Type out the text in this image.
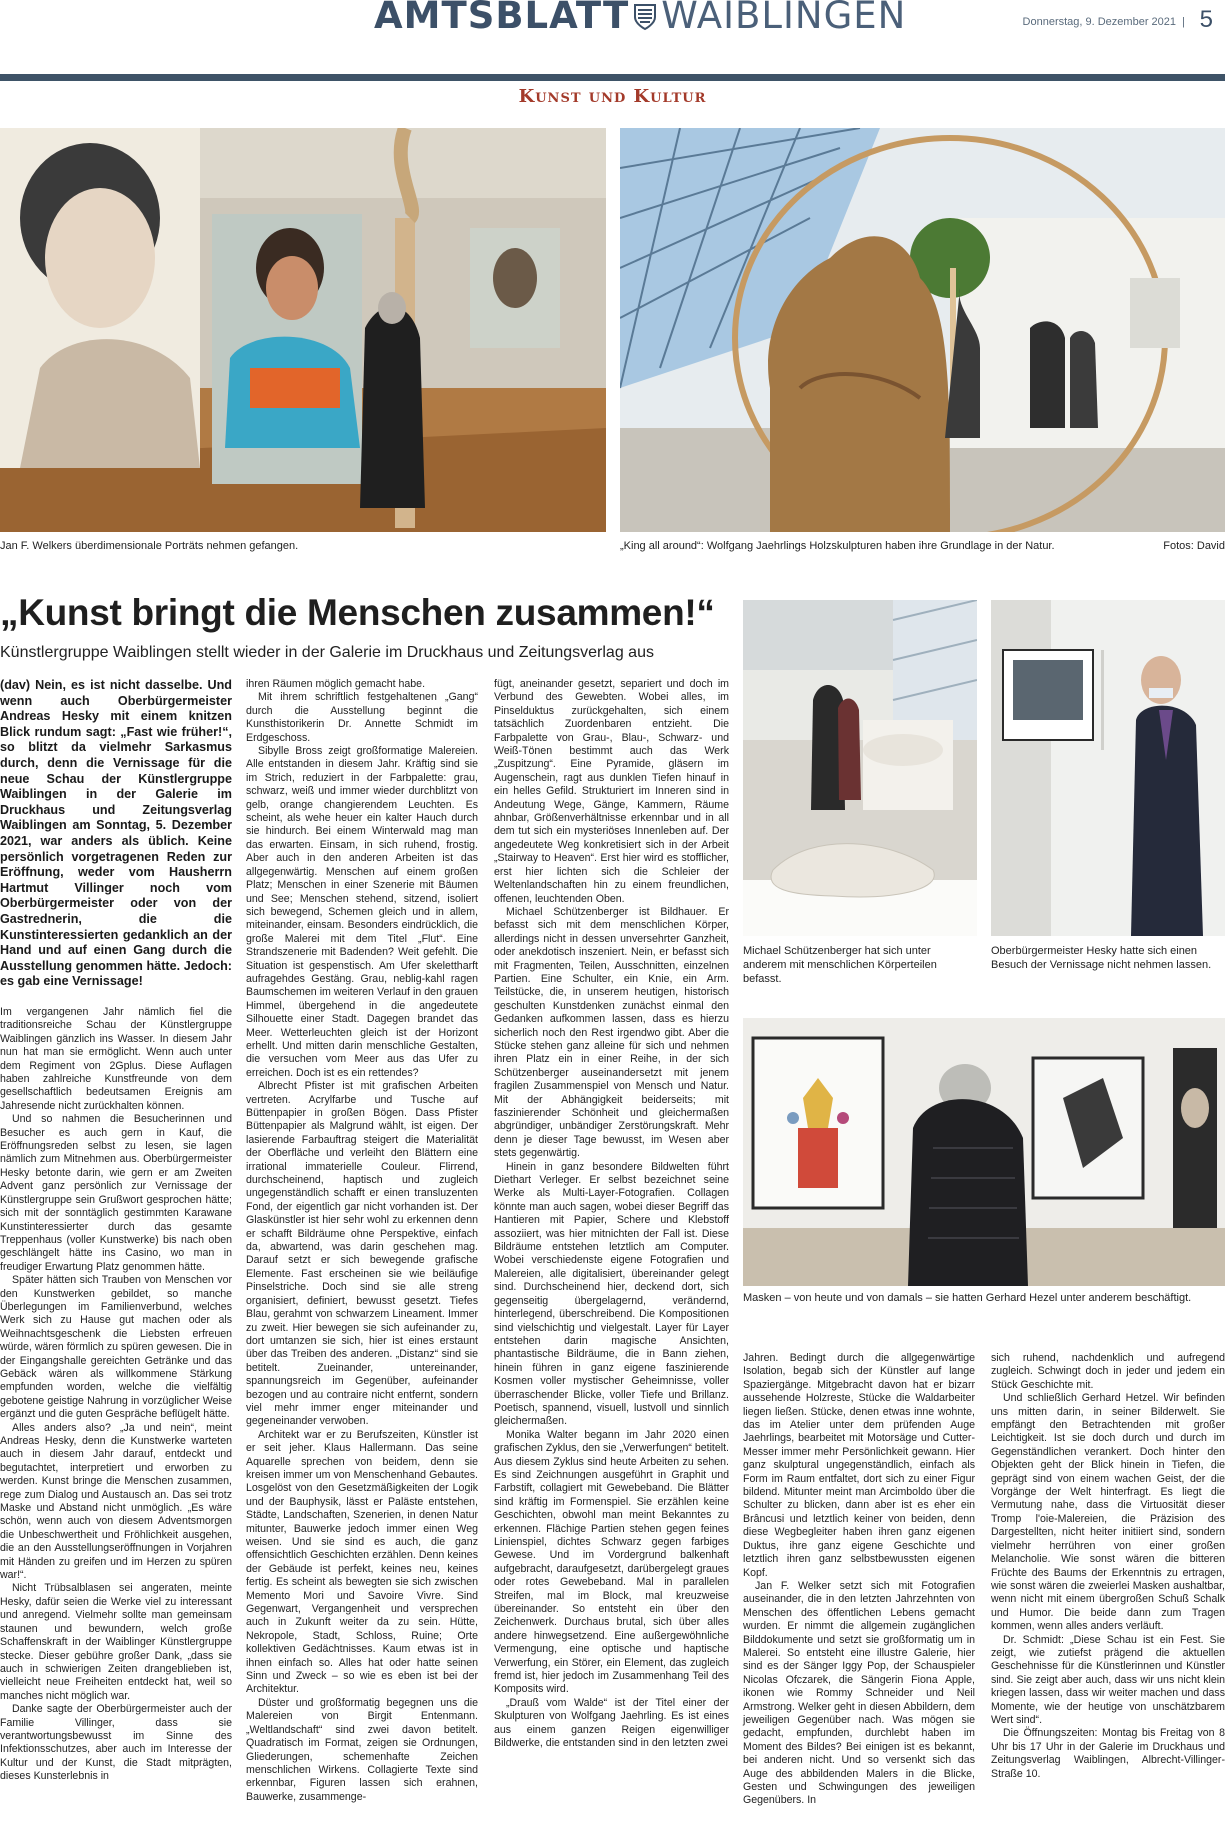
AMTSBLATT WAIBLINGEN	Donnerstag, 9. Dezember 2021  | 5
Kunst und Kultur
Jan F. Welkers überdimensionale Porträts nehmen gefangen.	„King all around“: Wolfgang Jaehrlings Holzskulpturen haben ihre Grundlage in der Natur.	Fotos: David
„Kunst bringt die Menschen zusammen!“
Künstlergruppe Waiblingen stellt wieder in der Galerie im Druckhaus und Zeitungsverlag aus

(dav) Nein, es ist nicht dasselbe. Und wenn auch Oberbürgermeister Andreas Hesky mit einem knitzen Blick rundum sagt: „Fast wie früher!“, so blitzt da vielmehr Sarkasmus durch, denn die Vernissage für die neue Schau der Künstlergruppe Waiblingen in der Galerie im Druckhaus und Zeitungsverlag Waiblingen am Sonntag, 5. Dezember 2021, war anders als üblich. Keine persönlich vorgetragenen Reden zur Eröffnung, weder vom Hausherrn Hartmut Villinger noch vom Oberbürgermeister oder von der Gastrednerin, die die Kunstinteressierten gedanklich an der Hand und auf einen Gang durch die Ausstellung genommen hätte. Jedoch: es gab eine Vernissage!

Im vergangenen Jahr nämlich fiel die traditionsreiche Schau der Künstlergruppe Waiblingen gänzlich ins Wasser. In diesem Jahr nun hat man sie ermöglicht. Wenn auch unter dem Regiment von 2Gplus. Diese Auflagen haben zahlreiche Kunstfreunde von dem gesellschaftlich bedeutsamen Ereignis am Jahresende nicht zurückhalten können.

Und so nahmen die Besucherinnen und Besucher es auch gern in Kauf, die Eröffnungsreden selbst zu lesen, sie lagen nämlich zum Mitnehmen aus. Oberbürgermeister Hesky betonte darin, wie gern er am Zweiten Advent ganz persönlich zur Vernissage der Künstlergruppe sein Grußwort gesprochen hätte; sich mit der sonntäglich gestimmten Karawane Kunstinteressierter durch das gesamte Treppenhaus (voller Kunstwerke) bis nach oben geschlängelt hätte ins Casino, wo man in freudiger Erwartung Platz genommen hätte.

Später hätten sich Trauben von Menschen vor den Kunstwerken gebildet, so manche Überlegungen im Familienverbund, welches Werk sich zu Hause gut machen oder als Weihnachtsgeschenk die Liebsten erfreuen würde, wären förmlich zu spüren gewesen. Die in der Eingangshalle gereichten Getränke und das Gebäck wären als willkommene Stärkung empfunden worden, welche die vielfältig gebotene geistige Nahrung in vorzüglicher Weise ergänzt und die guten Gespräche beflügelt hätte.

Alles anders also? „Ja und nein“, meint Andreas Hesky, denn die Kunstwerke warteten auch in diesem Jahr darauf, entdeckt und begutachtet, interpretiert und erworben zu werden. Kunst bringe die Menschen zusammen, rege zum Dialog und Austausch an. Das sei trotz Maske und Abstand nicht unmöglich. „Es wäre schön, wenn auch von diesem Adventsmorgen die Unbeschwertheit und Fröhlichkeit ausgehen, die an den Ausstellungseröffnungen in Vorjahren mit Händen zu greifen und im Herzen zu spüren war!“.

Nicht Trübsalblasen sei angeraten, meinte Hesky, dafür seien die Werke viel zu interessant und anregend. Vielmehr sollte man gemeinsam staunen und bewundern, welch große Schaffenskraft in der Waiblinger Künstlergruppe stecke. Dieser gebühre großer Dank, „dass sie auch in schwierigen Zeiten drangeblieben ist, vielleicht neue Freiheiten entdeckt hat, weil so manches nicht möglich war.

Danke sagte der Oberbürgermeister auch der Familie Villinger, dass sie verantwortungsbewusst im Sinne des Infektionsschutzes, aber auch im Interesse der Kultur und der Kunst, die Stadt mitprägten, dieses Kunsterlebnis in

ihren Räumen möglich gemacht habe.

Mit ihrem schriftlich festgehaltenen „Gang“ durch die Ausstellung beginnt die Kunsthistorikerin Dr. Annette Schmidt im Erdgeschoss.

Sibylle Bross zeigt großformatige Malereien. Alle entstanden in diesem Jahr. Kräftig sind sie im Strich, reduziert in der Farbpalette: grau, schwarz, weiß und immer wieder durchblitzt von gelb, orange changierendem Leuchten. Es scheint, als wehe heuer ein kalter Hauch durch sie hindurch. Bei einem Winterwald mag man das erwarten. Einsam, in sich ruhend, frostig. Aber auch in den anderen Arbeiten ist das allgegenwärtig. Menschen auf einem großen Platz; Menschen in einer Szenerie mit Bäumen und See; Menschen stehend, sitzend, isoliert sich bewegend, Schemen gleich und in allem, miteinander, einsam. Besonders eindrücklich, die große Malerei mit dem Titel „Flut“. Eine Strandszenerie mit Badenden? Weit gefehlt. Die Situation ist gespenstisch. Am Ufer skelettharft aufragehdes Gestäng. Grau, neblig-kahl ragen Baumschemen im weiteren Verlauf in den grauen Himmel, übergehend in die angedeutete Silhouette einer Stadt. Dagegen brandet das Meer. Wetterleuchten gleich ist der Horizont erhellt. Und mitten darin menschliche Gestalten, die versuchen vom Meer aus das Ufer zu erreichen. Doch ist es ein rettendes?

Albrecht Pfister ist mit grafischen Arbeiten vertreten. Acrylfarbe und Tusche auf Büttenpapier in großen Bögen. Dass Pfister Büttenpapier als Malgrund wählt, ist eigen. Der lasierende Farbauftrag steigert die Materialität der Oberfläche und verleiht den Blättern eine irrational immaterielle Couleur. Flirrend, durchscheinend, haptisch und zugleich ungegenständlich schafft er einen transluzenten Fond, der eigentlich gar nicht vorhanden ist. Der Glaskünstler ist hier sehr wohl zu erkennen denn er schafft Bildräume ohne Perspektive, einfach da, abwartend, was darin geschehen mag. Darauf setzt er sich bewegende grafische Elemente. Fast erscheinen sie wie beiläufige Pinselstriche. Doch sind sie alle streng organisiert, definiert, bewusst gesetzt. Tiefes Blau, gerahmt von schwarzem Lineament. Immer zu zweit. Hier bewegen sie sich aufeinander zu, dort umtanzen sie sich, hier ist eines erstaunt über das Treiben des anderen. „Distanz“ sind sie betitelt. Zueinander, untereinander, spannungsreich im Gegenüber, aufeinander bezogen und au contraire nicht entfernt, sondern viel mehr immer enger miteinander und gegeneinander verwoben.

Architekt war er zu Berufszeiten, Künstler ist er seit jeher. Klaus Hallermann. Das seine Aquarelle sprechen von beidem, denn sie kreisen immer um von Menschenhand Gebautes. Losgelöst von den Gesetzmäßigkeiten der Logik und der Bauphysik, lässt er Paläste entstehen, Städte, Landschaften, Szenerien, in denen Natur mitunter, Bauwerke jedoch immer einen Weg weisen. Und sie sind es auch, die ganz offensichtlich Geschichten erzählen. Denn keines der Gebäude ist perfekt, keines neu, keines fertig. Es scheint als bewegten sie sich zwischen Memento Mori und Savoire Vivre. Sind Gegenwart, Vergangenheit und versprechen auch in Zukunft weiter da zu sein. Hütte, Nekropole, Stadt, Schloss, Ruine; Orte kollektiven Gedächtnisses. Kaum etwas ist in ihnen einfach so. Alles hat oder hatte seinen Sinn und Zweck – so wie es eben ist bei der Architektur.

Düster und großformatig begegnen uns die Malereien von Birgit Entenmann. „Weltlandschaft“ sind zwei davon betitelt. Quadratisch im Format, zeigen sie Ordnungen, Gliederungen, schemenhafte Zeichen menschlichen Wirkens. Collagierte Texte sind erkennbar, Figuren lassen sich erahnen, Bauwerke, zusammenge-

fügt, aneinander gesetzt, separiert und doch im Verbund des Gewebten. Wobei alles, im Pinselduktus zurückgehalten, sich einem tatsächlich Zuordenbaren entzieht. Die Farbpalette von Grau-, Blau-, Schwarz- und Weiß-Tönen bestimmt auch das Werk „Zuspitzung“. Eine Pyramide, gläsern im Augenschein, ragt aus dunklen Tiefen hinauf in ein helles Gefild. Strukturiert im Inneren sind in Andeutung Wege, Gänge, Kammern, Räume ahnbar, Größenverhältnisse erkennbar und in all dem tut sich ein mysteriöses Innenleben auf. Der angedeutete Weg konkretisiert sich in der Arbeit „Stairway to Heaven“. Erst hier wird es stofflicher, erst hier lichten sich die Schleier der Weltenlandschaften hin zu einem freundlichen, offenen, leuchtenden Oben.

Michael Schützenberger ist Bildhauer. Er befasst sich mit dem menschlichen Körper, allerdings nicht in dessen unversehrter Ganzheit, oder anekdotisch inszeniert. Nein, er befasst sich mit Fragmenten, Teilen, Ausschnitten, einzelnen Partien. Eine Schulter, ein Knie, ein Arm. Teilstücke, die, in unserem heutigen, historisch geschulten Kunstdenken zunächst einmal den Gedanken aufkommen lassen, dass es hierzu sicherlich noch den Rest irgendwo gibt. Aber die Stücke stehen ganz alleine für sich und nehmen ihren Platz ein in einer Reihe, in der sich Schützenberger auseinandersetzt mit jenem fragilen Zusammenspiel von Mensch und Natur. Mit der Abhängigkeit beiderseits; mit faszinierender Schönheit und gleichermaßen abgründiger, unbändiger Zerstörungskraft. Mehr denn je dieser Tage bewusst, im Wesen aber stets gegenwärtig.

Hinein in ganz besondere Bildwelten führt Diethart Verleger. Er selbst bezeichnet seine Werke als Multi-Layer-Fotografien. Collagen könnte man auch sagen, wobei dieser Begriff das Hantieren mit Papier, Schere und Klebstoff assoziiert, was hier mitnichten der Fall ist. Diese Bildräume entstehen letztlich am Computer. Wobei verschiedenste eigene Fotografien und Malereien, alle digitalisiert, übereinander gelegt sind. Durchscheinend hier, deckend dort, sich gegenseitig übergelagernd, verändernd, hinterlegend, überschreibend. Die Kompositionen sind vielschichtig und vielgestalt. Layer für Layer entstehen darin magische Ansichten, phantastische Bildräume, die in Bann ziehen, hinein führen in ganz eigene faszinierende Kosmen voller mystischer Geheimnisse, voller überraschender Blicke, voller Tiefe und Brillanz. Poetisch, spannend, visuell, lustvoll und sinnlich gleichermaßen.

Monika Walter begann im Jahr 2020 einen grafischen Zyklus, den sie „Verwerfungen“ betitelt. Aus diesem Zyklus sind heute Arbeiten zu sehen. Es sind Zeichnungen ausgeführt in Graphit und Farbstift, collagiert mit Gewebeband. Die Blätter sind kräftig im Formenspiel. Sie erzählen keine Geschichten, obwohl man meint Bekanntes zu erkennen. Flächige Partien stehen gegen feines Linienspiel, dichtes Schwarz gegen farbiges Gewese. Und im Vordergrund balkenhaft aufgebracht, daraufgesetzt, darübergelegt graues oder rotes Gewebeband. Mal in parallelen Streifen, mal im Block, mal kreuzweise übereinander. So entsteht ein über den Zeichenwerk. Durchaus brutal, sich über alles andere hinwegsetzend. Eine außergewöhnliche Vermengung, eine optische und haptische Verwerfung, ein Störer, ein Element, das zugleich fremd ist, hier jedoch im Zusammenhang Teil des Komposits wird.

„Drauß vom Walde“ ist der Titel einer der Skulpturen von Wolfgang Jaehrling. Es ist eines aus einem ganzen Reigen eigenwilliger Bildwerke, die entstanden sind in den letzten zwei

Michael Schützenberger hat sich unter anderem mit menschlichen Körperteilen befasst.
Oberbürgermeister Hesky hatte sich einen Besuch der Vernissage nicht nehmen lassen.
Masken – von heute und von damals – sie hatten Gerhard Hezel unter anderem beschäftigt.

Jahren. Bedingt durch die allgegenwärtige Isolation, begab sich der Künstler auf lange Spaziergänge. Mitgebracht davon hat er bizarr aussehende Holzreste, Stücke die Waldarbeiter liegen ließen. Stücke, denen etwas inne wohnte, das im Atelier unter dem prüfenden Auge Jaehrlings, bearbeitet mit Motorsäge und Cutter-Messer immer mehr Persönlichkeit gewann. Hier ganz skulptural ungegenständlich, einfach als Form im Raum entfaltet, dort sich zu einer Figur bildend. Mitunter meint man Arcimboldo über die Schulter zu blicken, dann aber ist es eher ein Brâncusi und letztlich keiner von beiden, denn diese Wegbegleiter haben ihren ganz eigenen Duktus, ihre ganz eigene Geschichte und letztlich ihren ganz selbstbewussten eigenen Kopf.

Jan F. Welker setzt sich mit Fotografien auseinander, die in den letzten Jahrzehnten von Menschen des öffentlichen Lebens gemacht wurden. Er nimmt die allgemein zugänglichen Bilddokumente und setzt sie großformatig um in Malerei. So entsteht eine illustre Galerie, hier sind es der Sänger Iggy Pop, der Schauspieler Nicolas Ofczarek, die Sängerin Fiona Apple, ikonen wie Rommy Schneider und Neil Armstrong. Welker geht in diesen Abbildern, dem jeweiligen Gegenüber nach. Was mögen sie gedacht, empfunden, durchlebt haben im Moment des Bildes? Bei einigen ist es bekannt, bei anderen nicht. Und so versenkt sich das Auge des abbildenden Malers in die Blicke, Gesten und Schwingungen des jeweiligen Gegenübers. In

sich ruhend, nachdenklich und aufregend zugleich. Schwingt doch in jeder und jedem ein Stück Geschichte mit.

Und schließlich Gerhard Hetzel. Wir befinden uns mitten darin, in seiner Bilderwelt. Sie empfängt den Betrachtenden mit großer Leichtigkeit. Ist sie doch durch und durch im Gegenständlichen verankert. Doch hinter den Objekten geht der Blick hinein in Tiefen, die geprägt sind von einem wachen Geist, der die Vorgänge der Welt hinterfragt. Es liegt die Vermutung nahe, dass die Virtuosität dieser Tromp l'oie-Malereien, die Präzision des Dargestellten, nicht heiter initiiert sind, sondern vielmehr herrühren von einer großen Melancholie. Wie sonst wären die bitteren Früchte des Baums der Erkenntnis zu ertragen, wie sonst wären die zweierlei Masken aushaltbar, wenn nicht mit einem übergroßen Schuß Schalk und Humor. Die beide dann zum Tragen kommen, wenn alles anders verläuft.

Dr. Schmidt: „Diese Schau ist ein Fest. Sie zeigt, wie zutiefst prägend die aktuellen Geschehnisse für die Künstlerinnen und Künstler sind. Sie zeigt aber auch, dass wir uns nicht klein kriegen lassen, dass wir weiter machen und dass Momente, wie der heutige von unschätzbarem Wert sind“.

Die Öffnungszeiten: Montag bis Freitag von 8 Uhr bis 17 Uhr in der Galerie im Druckhaus und Zeitungsverlag Waiblingen, Albrecht-Villinger-Straße 10.
